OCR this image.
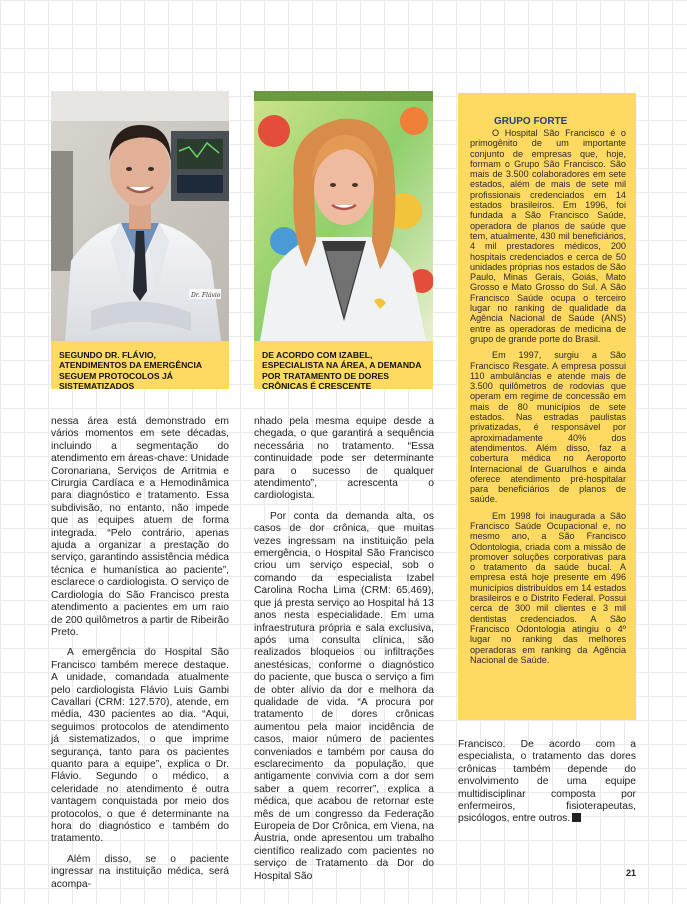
Dr. Flávio
SEGUNDO DR. FLÁVIO, ATENDIMENTOS DA EMERGÊNCIA SEGUEM PROTOCOLOS JÁ SISTEMATIZADOS
DE ACORDO COM IZABEL, ESPECIALISTA NA ÁREA, A DEMANDA POR TRATAMENTO DE DORES CRÔNICAS É CRESCENTE

nessa área está demonstrado em vários momentos em sete décadas, incluindo a segmentação do atendimento em áreas-chave: Unidade Coronariana, Serviços de Arritmia e Cirurgia Cardíaca e a Hemodinâmica para diagnóstico e tratamento. Essa subdivisão, no entanto, não impede que as equipes atuem de forma integrada. “Pelo contrário, apenas ajuda a organizar a prestação do serviço, garantindo assistência médica técnica e humanística ao paciente”, esclarece o cardiologista. O serviço de Cardiologia do São Francisco presta atendimento a pacientes em um raio de 200 quilômetros a partir de Ribeirão Preto.

A emergência do Hospital São Francisco também merece destaque. A unidade, comandada atualmente pelo cardiologista Flávio Luis Gambi Cavallari (CRM: 127.570), atende, em média, 430 pacientes ao dia. “Aqui, seguimos protocolos de atendimento já sistematizados, o que imprime segurança, tanto para os pacientes quanto para a equipe”, explica o Dr. Flávio. Segundo o médico, a celeridade no atendimento é outra vantagem conquistada por meio dos protocolos, o que é determinante na hora do diagnóstico e também do tratamento.

Além disso, se o paciente ingressar na instituição médica, será acompa-

nhado pela mesma equipe desde a chegada, o que garantirá a sequência necessária no tratamento. “Essa continuidade pode ser determinante para o sucesso de qualquer atendimento”, acrescenta o cardiologista.

Por conta da demanda alta, os casos de dor crônica, que muitas vezes ingressam na instituição pela emergência, o Hospital São Francisco criou um serviço especial, sob o comando da especialista Izabel Carolina Rocha Lima (CRM: 65.469), que já presta serviço ao Hospital há 13 anos nesta especialidade. Em uma infraestrutura própria e sala exclusiva, após uma consulta clínica, são realizados bloqueios ou infiltrações anestésicas, conforme o diagnóstico do paciente, que busca o serviço a fim de obter alívio da dor e melhora da qualidade de vida. “A procura por tratamento de dores crônicas aumentou pela maior incidência de casos, maior número de pacientes conveniados e também por causa do esclarecimento da população, que antigamente convivia com a dor sem saber a quem recorrer”, explica a médica, que acabou de retornar este mês de um congresso da Federação Europeia de Dor Crônica, em Viena, na Áustria, onde apresentou um trabalho científico realizado com pacientes no serviço de Tratamento da Dor do Hospital São

GRUPO FORTE

O Hospital São Francisco é o primogênito de um importante conjunto de empresas que, hoje, formam o Grupo São Francisco. São mais de 3.500 colaboradores em sete estados, além de mais de sete mil profissionais credenciados em 14 estados brasileiros. Em 1996, foi fundada a São Francisco Saúde, operadora de planos de saúde que tem, atualmente, 430 mil beneficiários, 4 mil prestadores médicos, 200 hospitais credenciados e cerca de 50 unidades próprias nos estados de São Paulo, Minas Gerais, Goiás, Mato Grosso e Mato Grosso do Sul. A São Francisco Saúde ocupa o terceiro lugar no ranking de qualidade da Agência Nacional de Saúde (ANS) entre as operadoras de medicina de grupo de grande porte do Brasil.

Em 1997, surgiu a São Francisco Resgate. A empresa possui 110 ambulâncias e atende mais de 3.500 quilômetros de rodovias que operam em regime de concessão em mais de 80 municípios de sete estados. Nas estradas paulistas privatizadas, é responsável por aproximadamente 40% dos atendimentos. Além disso, faz a cobertura médica no Aeroporto Internacional de Guarulhos e ainda oferece atendimento pré-hospitalar para beneficiários de planos de saúde.

Em 1998 foi inaugurada a São Francisco Saúde Ocupacional e, no mesmo ano, a São Francisco Odontologia, criada com a missão de promover soluções corporativas para o tratamento da saúde bucal. A empresa está hoje presente em 496 municípios distribuídos em 14 estados brasileiros e o Distrito Federal. Possui cerca de 300 mil clientes e 3 mil dentistas credenciados. A São Francisco Odontologia atingiu o 4º lugar no ranking das melhores operadoras em ranking da Agência Nacional de Saúde.

Francisco. De acordo com a especialista, o tratamento das dores crônicas também depende do envolvimento de uma equipe multidisciplinar composta por enfermeiros, fisioterapeutas, psicólogos, entre outros.

21
